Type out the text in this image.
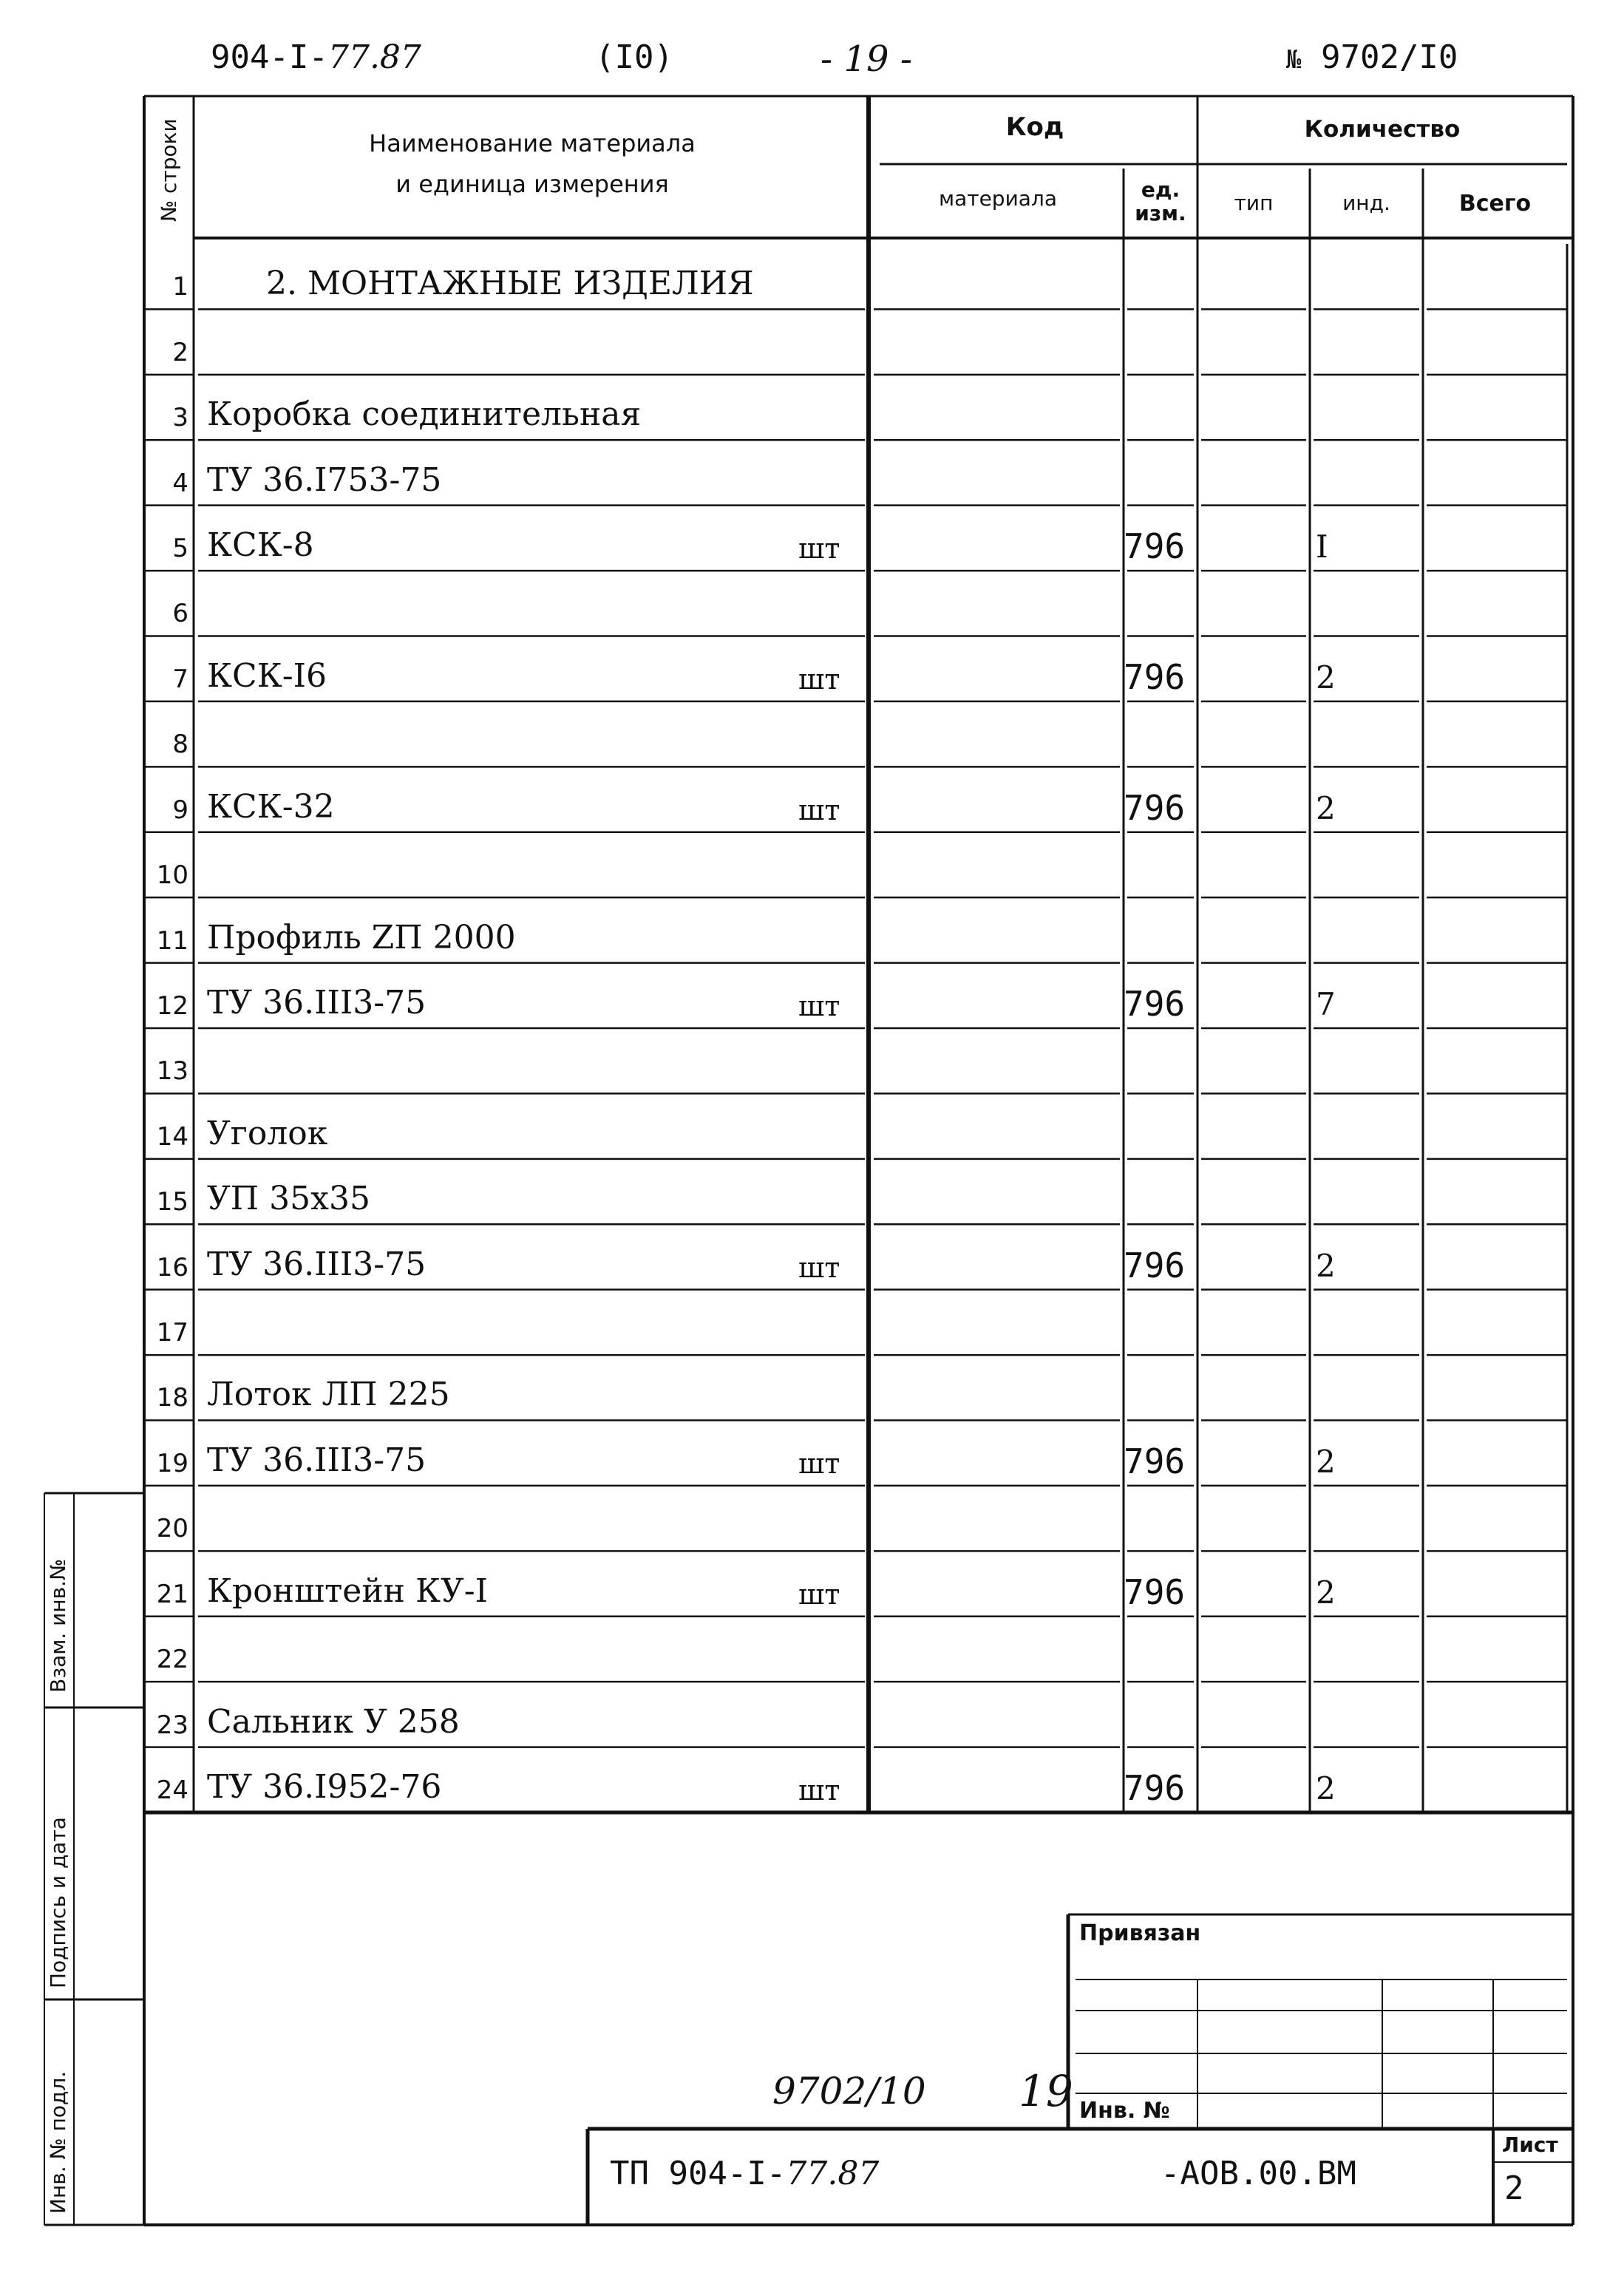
904-I-77.87	(I0)	- 19 -	№ 9702/I0
№ строки	Наименование материала
и единица измерения
Код
материала	ед.
изм.
Количество
тип	инд.	Всего
1 2. МОНТАЖНЫЕ ИЗДЕЛИЯ
2
3 Коробка соединительная
4 ТУ 36.I753-75
5 КСК-8	шт	796	I
6
7 КСК-I6	шт	796	2
8
9 КСК-32	шт	796	2
10
11 Профиль ZП 2000
12 ТУ 36.III3-75	шт	796	7
13
14 Уголок
15 УП 35x35
16 ТУ 36.III3-75	шт	796	2
17
18 Лоток ЛП 225
19 ТУ 36.III3-75	шт	796	2
20
21 Кронштейн КУ-I	шт	796	2
22
23 Сальник У 258
24 ТУ 36.I952-76	шт	796	2
Взам. инв.№
Подпись и дата
Инв. № подл.
Привязан
Инв. №
9702/10 19
ТП 904-I-77.87	-АОВ.00.ВМ
Лист
2
